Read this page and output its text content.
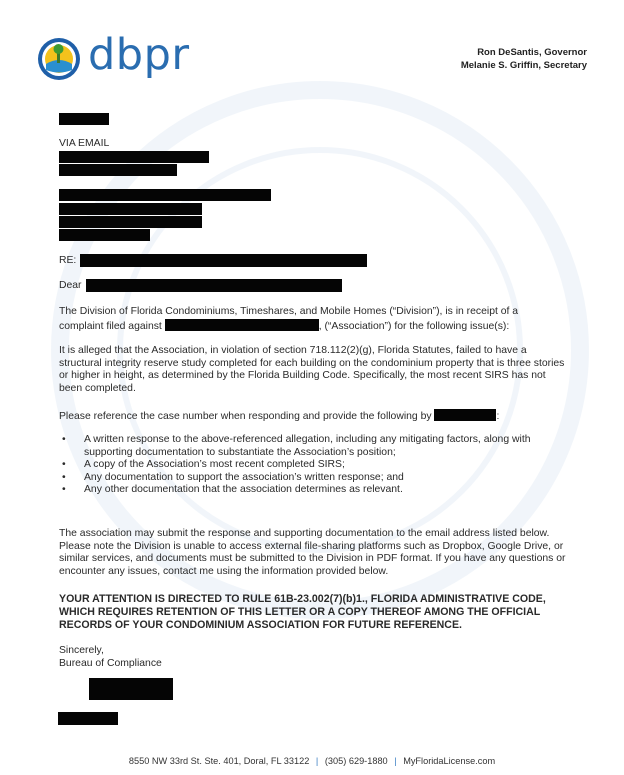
dbpr	Ron DeSantis, Governor
Melanie S. Griffin, Secretary
VIA EMAIL
RE:
Dear
The Division of Florida Condominiums, Timeshares, and Mobile Homes (“Division”), is in receipt of a
complaint filed against	, (“Association”) for the following issue(s):
It is alleged that the Association, in violation of section 718.112(2)(g), Florida Statutes, failed to have a structural integrity reserve study completed for each building on the condominium property that is three stories or higher in height, as determined by the Florida Building Code. Specifically, the most recent SIRS has not been completed.
Please reference the case number when responding and provide the following by	:
• A written response to the above-referenced allegation, including any mitigating factors, along with supporting documentation to substantiate the Association’s position;
• A copy of the Association’s most recent completed SIRS;
• Any documentation to support the association’s written response; and
• Any other documentation that the association determines as relevant.
The association may submit the response and supporting documentation to the email address listed below. Please note the Division is unable to access external file-sharing platforms such as Dropbox, Google Drive, or similar services, and documents must be submitted to the Division in PDF format. If you have any questions or encounter any issues, contact me using the information provided below.
YOUR ATTENTION IS DIRECTED TO RULE 61B-23.002(7)(b)1., FLORIDA ADMINISTRATIVE CODE, WHICH REQUIRES RETENTION OF THIS LETTER OR A COPY THEREOF AMONG THE OFFICIAL RECORDS OF YOUR CONDOMINIUM ASSOCIATION FOR FUTURE REFERENCE.
Sincerely,
Bureau of Compliance
8550 NW 33rd St. Ste. 401, Doral, FL 33122 | (305) 629-1880 | MyFloridaLicense.com
